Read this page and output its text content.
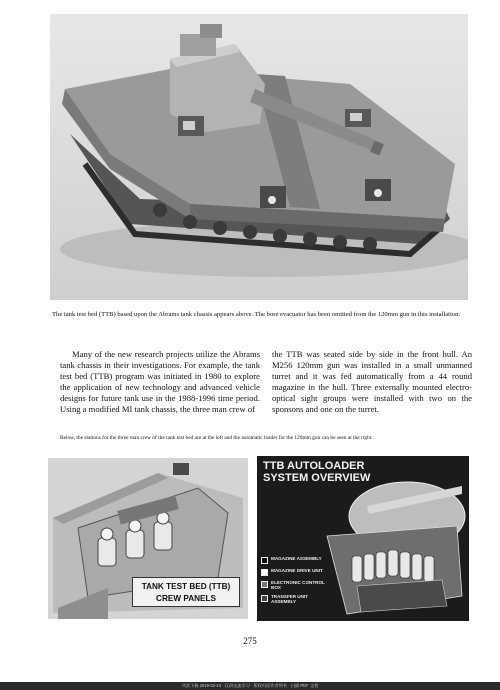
The tank test bed (TTB) based upon the Abrams tank chassis appears above. The bore evacuator has been omitted from the 120mm gun in this installation.
Many of the new research projects utilize the Abrams tank chassis in their investigations. For example, the tank test bed (TTB) program was initiated in 1980 to explore the application of new technology and advanced vehicle designs for future tank use in the 1988-1996 time period. Using a modified MI tank chassis, the three man crew of
the TTB was seated side by side in the front hull. An M256 120mm gun was installed in a small unmanned turret and it was fed automatically from a 44 round magazine in the hull. Three externally mounted electro-optical sight groups were installed with two on the sponsons and one on the turret.
Below, the stations for the three man crew of the tank test bed are at the left and the automatic loader for the 120mm gun can be seen at the right.
TANK TEST BED (TTB)
CREW PANELS
TTB AUTOLOADER
SYSTEM OVERVIEW
MAGAZINE ASSEMBLY
MAGAZINE DRIVE UNIT
ELECTRONIC CONTROL BOX
TRANSFER UNIT ASSEMBLY
275
风雷下载 2019-02-13 · 仅供交流学习 · 版权归原作者所有 · 扫描 PDF 文档
